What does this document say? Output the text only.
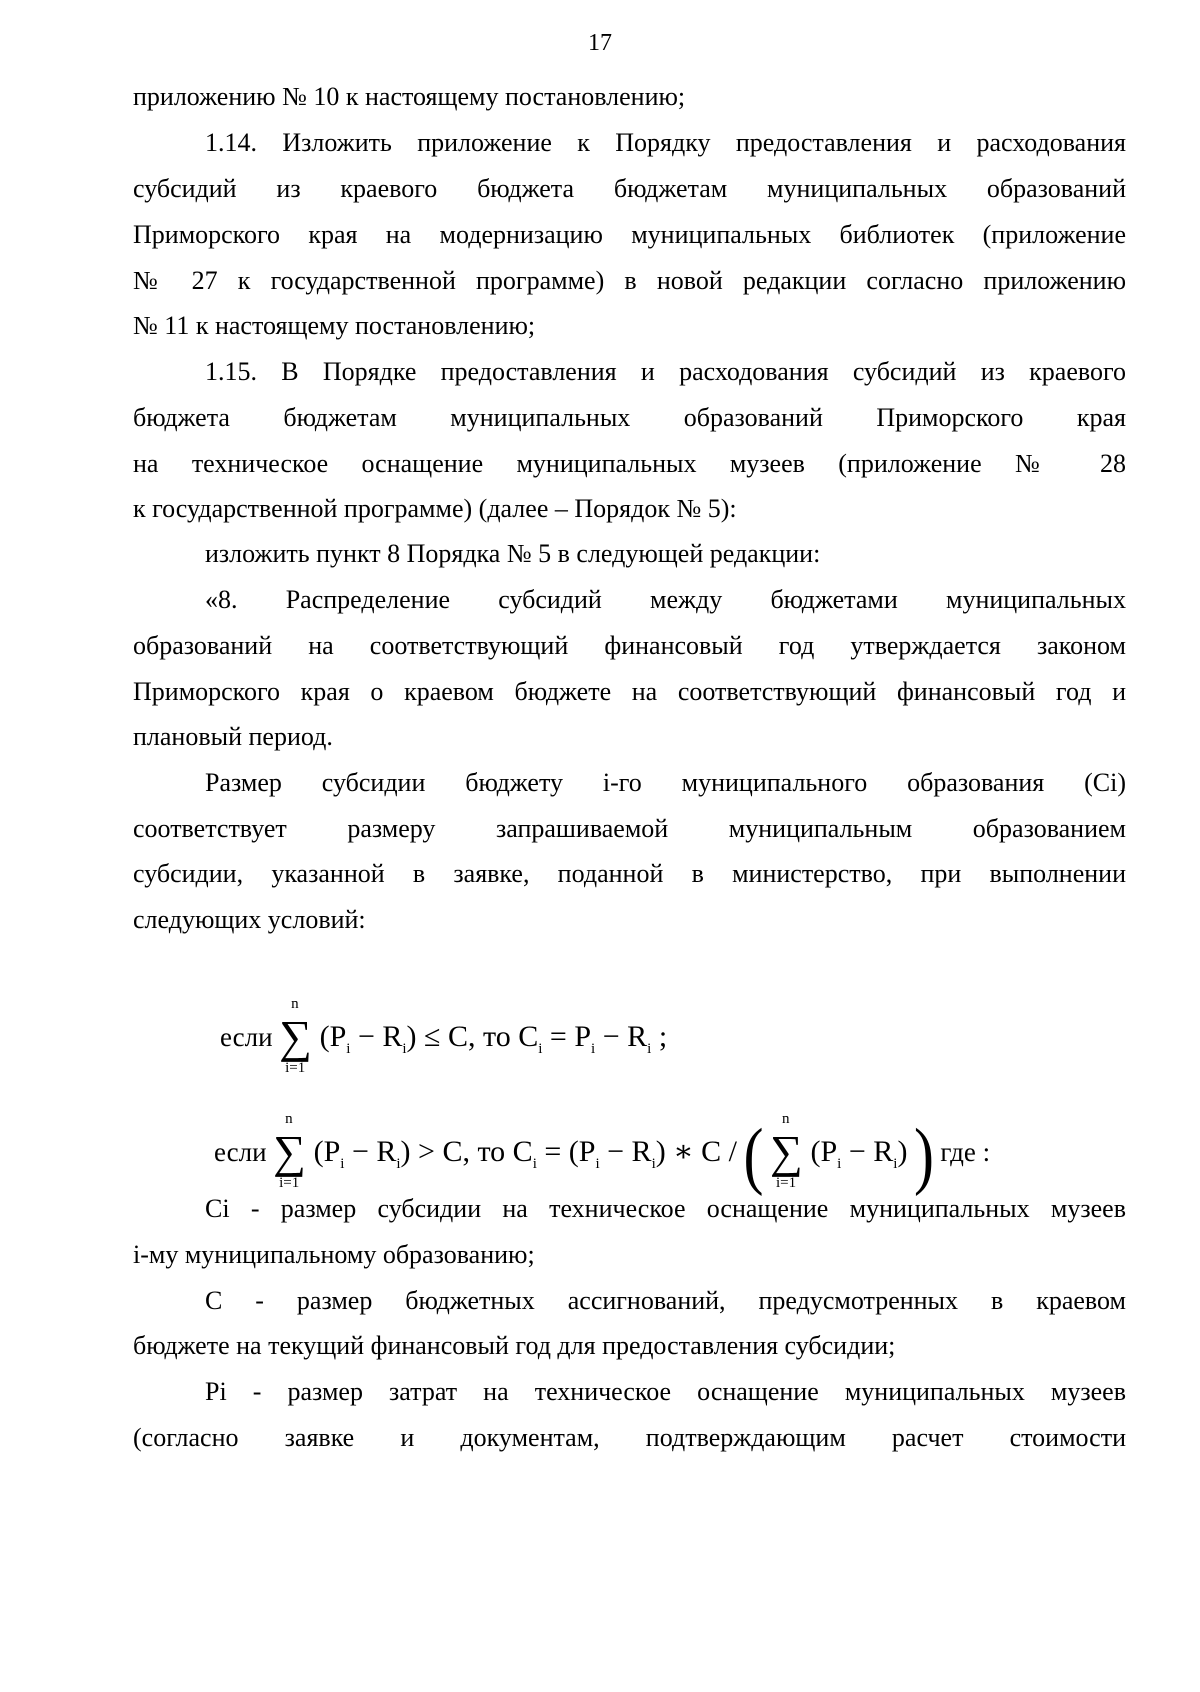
17
приложению № 10 к настоящему постановлению;
1.14. Изложить приложение к Порядку предоставления и расходования
субсидий из краевого бюджета бюджетам муниципальных образований
Приморского края на модернизацию муниципальных библиотек (приложение
№ 27 к государственной программе) в новой редакции согласно приложению
№ 11 к настоящему постановлению;
1.15. В Порядке предоставления и расходования субсидий из краевого
бюджета бюджетам муниципальных образований Приморского края
на техническое оснащение муниципальных музеев (приложение № 28
к государственной программе) (далее – Порядок № 5):
изложить пункт 8 Порядка № 5 в следующей редакции:
«8. Распределение субсидий между бюджетами муниципальных
образований на соответствующий финансовый год утверждается законом
Приморского края о краевом бюджете на соответствующий финансовый год и
плановый период.
Размер субсидии бюджету i-го муниципального образования (Ci)
соответствует размеру запрашиваемой муниципальным образованием
субсидии, указанной в заявке, поданной в министерство, при выполнении
следующих условий:
если
n
∑
i=1
$(P_i - R_i) \le C$, то $C_i = P_i - R_i$ ;
если
n
∑
i=1
$(P_i - R_i) > C$, то $C_i = (P_i - R_i)$ ∗ C / ( n
∑
i=1
$(P_i - R_i)$ ) где :
Ci - размер субсидии на техническое оснащение муниципальных музеев
i-му муниципальному образованию;
C - размер бюджетных ассигнований, предусмотренных в краевом
бюджете на текущий финансовый год для предоставления субсидии;
Pi - размер затрат на техническое оснащение муниципальных музеев
(согласно заявке и документам, подтверждающим расчет стоимости
